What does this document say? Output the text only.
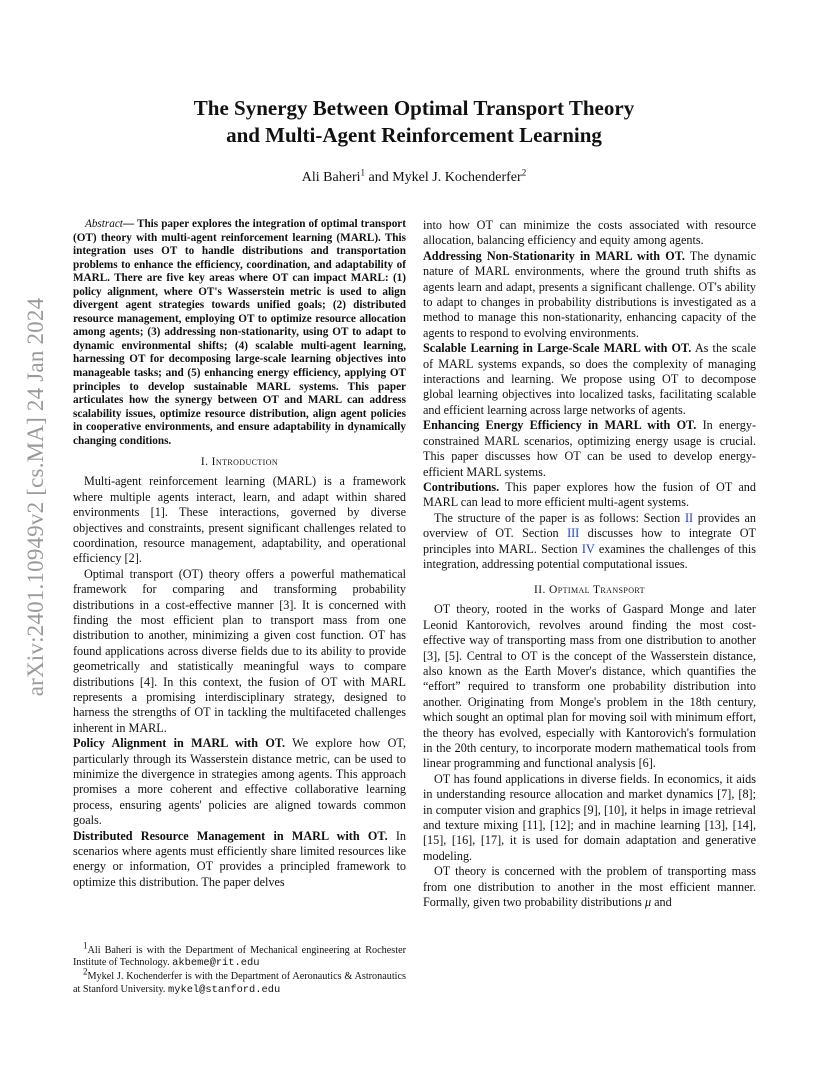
arXiv:2401.10949v2 [cs.MA] 24 Jan 2024
The Synergy Between Optimal Transport Theory
and Multi-Agent Reinforcement Learning
Ali Baheri$^1$ and Mykel J. Kochenderfer$^2$

Abstract— This paper explores the integration of optimal transport (OT) theory with multi-agent reinforcement learning (MARL). This integration uses OT to handle distributions and transportation problems to enhance the efficiency, coordination, and adaptability of MARL. There are five key areas where OT can impact MARL: (1) policy alignment, where OT's Wasserstein metric is used to align divergent agent strategies towards unified goals; (2) distributed resource management, employing OT to optimize resource allocation among agents; (3) addressing non-stationarity, using OT to adapt to dynamic environmental shifts; (4) scalable multi-agent learning, harnessing OT for decomposing large-scale learning objectives into manageable tasks; and (5) enhancing energy efficiency, applying OT principles to develop sustainable MARL systems. This paper articulates how the synergy between OT and MARL can address scalability issues, optimize resource distribution, align agent policies in cooperative environments, and ensure adaptability in dynamically changing conditions.

I. Introduction

Multi-agent reinforcement learning (MARL) is a framework where multiple agents interact, learn, and adapt within shared environments [1]. These interactions, governed by diverse objectives and constraints, present significant challenges related to coordination, resource management, adaptability, and operational efficiency [2].

Optimal transport (OT) theory offers a powerful mathematical framework for comparing and transforming probability distributions in a cost-effective manner [3]. It is concerned with finding the most efficient plan to transport mass from one distribution to another, minimizing a given cost function. OT has found applications across diverse fields due to its ability to provide geometrically and statistically meaningful ways to compare distributions [4]. In this context, the fusion of OT with MARL represents a promising interdisciplinary strategy, designed to harness the strengths of OT in tackling the multifaceted challenges inherent in MARL.

Policy Alignment in MARL with OT. We explore how OT, particularly through its Wasserstein distance metric, can be used to minimize the divergence in strategies among agents. This approach promises a more coherent and effective collaborative learning process, ensuring agents' policies are aligned towards common goals.

Distributed Resource Management in MARL with OT. In scenarios where agents must efficiently share limited resources like energy or information, OT provides a principled framework to optimize this distribution. The paper delves

into how OT can minimize the costs associated with resource allocation, balancing efficiency and equity among agents.

Addressing Non-Stationarity in MARL with OT. The dynamic nature of MARL environments, where the ground truth shifts as agents learn and adapt, presents a significant challenge. OT's ability to adapt to changes in probability distributions is investigated as a method to manage this non-stationarity, enhancing capacity of the agents to respond to evolving environments.

Scalable Learning in Large-Scale MARL with OT. As the scale of MARL systems expands, so does the complexity of managing interactions and learning. We propose using OT to decompose global learning objectives into localized tasks, facilitating scalable and efficient learning across large networks of agents.

Enhancing Energy Efficiency in MARL with OT. In energy-constrained MARL scenarios, optimizing energy usage is crucial. This paper discusses how OT can be used to develop energy-efficient MARL systems.

Contributions. This paper explores how the fusion of OT and MARL can lead to more efficient multi-agent systems.

The structure of the paper is as follows: Section II provides an overview of OT. Section III discusses how to integrate OT principles into MARL. Section IV examines the challenges of this integration, addressing potential computational issues.

II. Optimal Transport

OT theory, rooted in the works of Gaspard Monge and later Leonid Kantorovich, revolves around finding the most cost-effective way of transporting mass from one distribution to another [3], [5]. Central to OT is the concept of the Wasserstein distance, also known as the Earth Mover's distance, which quantifies the “effort” required to transform one probability distribution into another. Originating from Monge's problem in the 18th century, which sought an optimal plan for moving soil with minimum effort, the theory has evolved, especially with Kantorovich's formulation in the 20th century, to incorporate modern mathematical tools from linear programming and functional analysis [6].

OT has found applications in diverse fields. In economics, it aids in understanding resource allocation and market dynamics [7], [8]; in computer vision and graphics [9], [10], it helps in image retrieval and texture mixing [11], [12]; and in machine learning [13], [14], [15], [16], [17], it is used for domain adaptation and generative modeling.

OT theory is concerned with the problem of transporting mass from one distribution to another in the most efficient manner. Formally, given two probability distributions μ and

$^1$Ali Baheri is with the Department of Mechanical engineering at Rochester Institute of Technology. akbeme@rit.edu

$^2$Mykel J. Kochenderfer is with the Department of Aeronautics & Astronautics at Stanford University. mykel@stanford.edu
